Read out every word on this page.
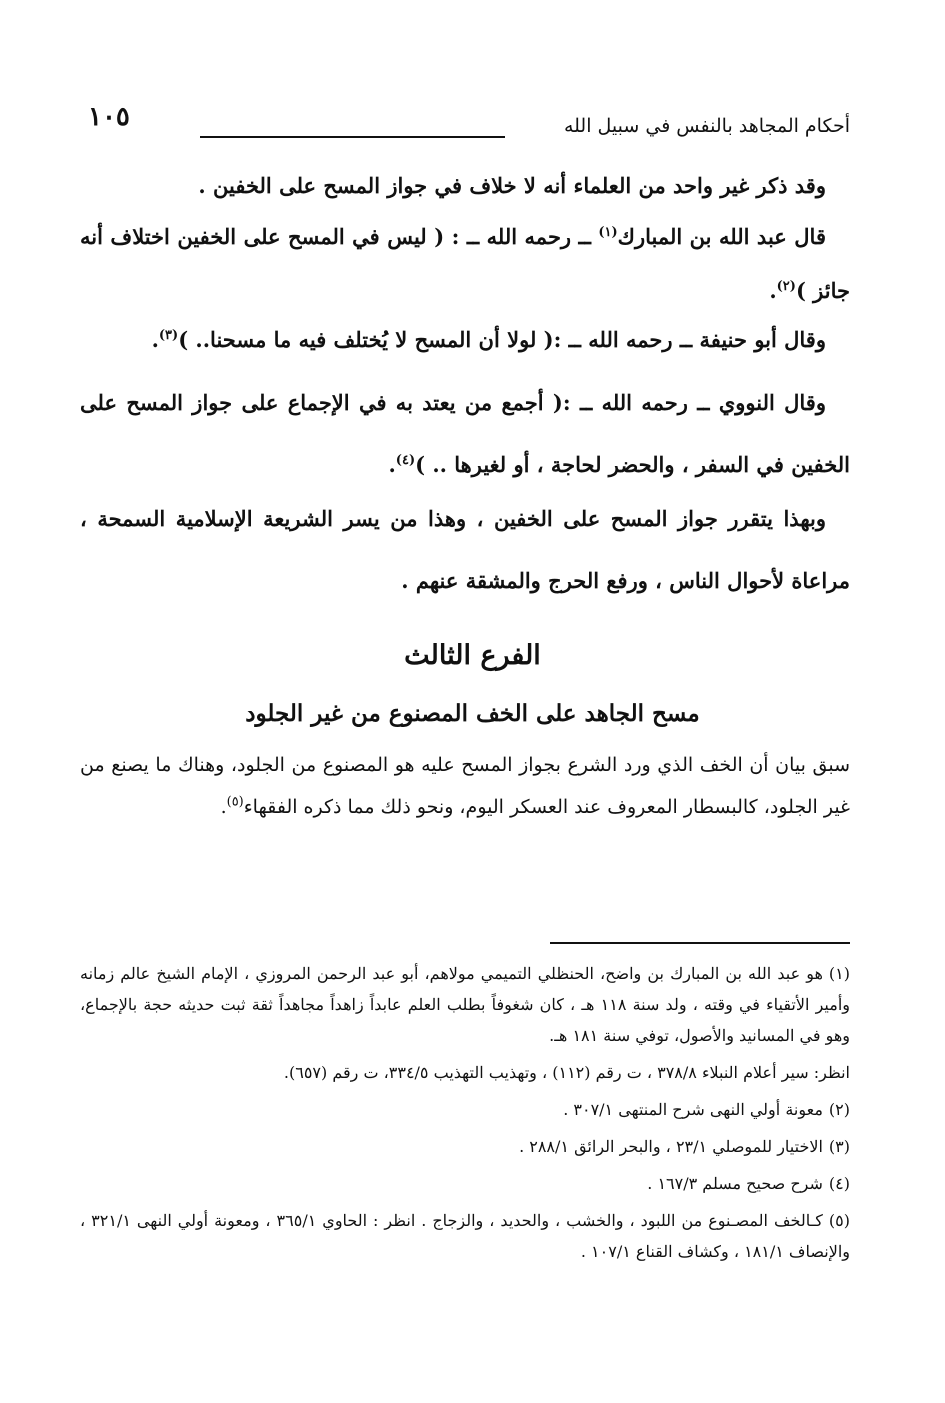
أحكام المجاهد بالنفس في سبيل الله
١٠٥

وقد ذكر غير واحد من العلماء أنه لا خلاف في جواز المسح على الخفين .

قال عبد الله بن المبارك$^{(١)}$ ــ رحمه الله ــ : ( ليس في المسح على الخفين اختلاف أنه جائز )$^{(٢)}$.

وقال أبو حنيفة ــ رحمه الله ــ :( لولا أن المسح لا يُختلف فيه ما مسحنا.. )$^{(٣)}$.

وقال النووي ــ رحمه الله ــ :( أجمع من يعتد به في الإجماع على جواز المسح على الخفين في السفر ، والحضر لحاجة ، أو لغيرها .. )$^{(٤)}$.

وبهذا يتقرر جواز المسح على الخفين ، وهذا من يسر الشريعة الإسلامية السمحة ، مراعاة لأحوال الناس ، ورفع الحرج والمشقة عنهم .

الفرع الثالث
مسح الجاهد على الخف المصنوع من غير الجلود

سبق بيان أن الخف الذي ورد الشرع بجواز المسح عليه هو المصنوع من الجلود، وهناك ما يصنع من غير الجلود، كالبسطار المعروف عند العسكر اليوم، ونحو ذلك مما ذكره الفقهاء$^{(٥)}$.

(١)هو عبد الله بن المبارك بن واضح، الحنظلي التميمي مولاهم، أبو عبد الرحمن المروزي ، الإمام الشيخ عالم زمانه وأمير الأتقياء في وقته ، ولد سنة ١١٨ هـ ، كان شغوفاً بطلب العلم عابداً زاهداً مجاهداً ثقة ثبت حديثه حجة بالإجماع، وهو في المسانيد والأصول، توفي سنة ١٨١ هـ.

انظر: سير أعلام النبلاء ٣٧٨/٨ ، ت رقم (١١٢) ، وتهذيب التهذيب ٣٣٤/٥، ت رقم (٦٥٧).

(٢)معونة أولي النهى شرح المنتهى ٣٠٧/١ .

(٣)الاختيار للموصلي ٢٣/١ ، والبحر الرائق ٢٨٨/١ .

(٤)شرح صحيح مسلم ١٦٧/٣ .

(٥)كـالخف المصـنوع من اللبود ، والخشب ، والحديد ، والزجاج . انظر : الحاوي ٣٦٥/١ ، ومعونة أولي النهى ٣٢١/١ ، والإنصاف ١٨١/١ ، وكشاف القناع ١٠٧/١ .
